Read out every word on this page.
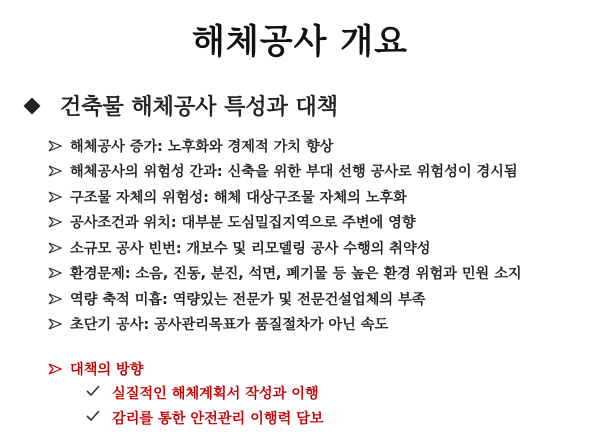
해체공사 개요
건축물 해체공사 특성과 대책
해체공사 증가: 노후화와 경제적 가치 향상
해체공사의 위험성 간과: 신축을 위한 부대 선행 공사로 위험성이 경시됨
구조물 자체의 위험성: 해체 대상구조물 자체의 노후화
공사조건과 위치: 대부분 도심밀집지역으로 주변에 영향
소규모 공사 빈번: 개보수 및 리모델링 공사 수행의 취약성
환경문제: 소음, 진동, 분진, 석면, 폐기물 등 높은 환경 위험과 민원 소지
역량 축적 미흡: 역량있는 전문가 및 전문건설업체의 부족
초단기 공사: 공사관리목표가 품질절차가 아닌 속도
대책의 방향
실질적인 해체계획서 작성과 이행
감리를 통한 안전관리 이행력 담보
